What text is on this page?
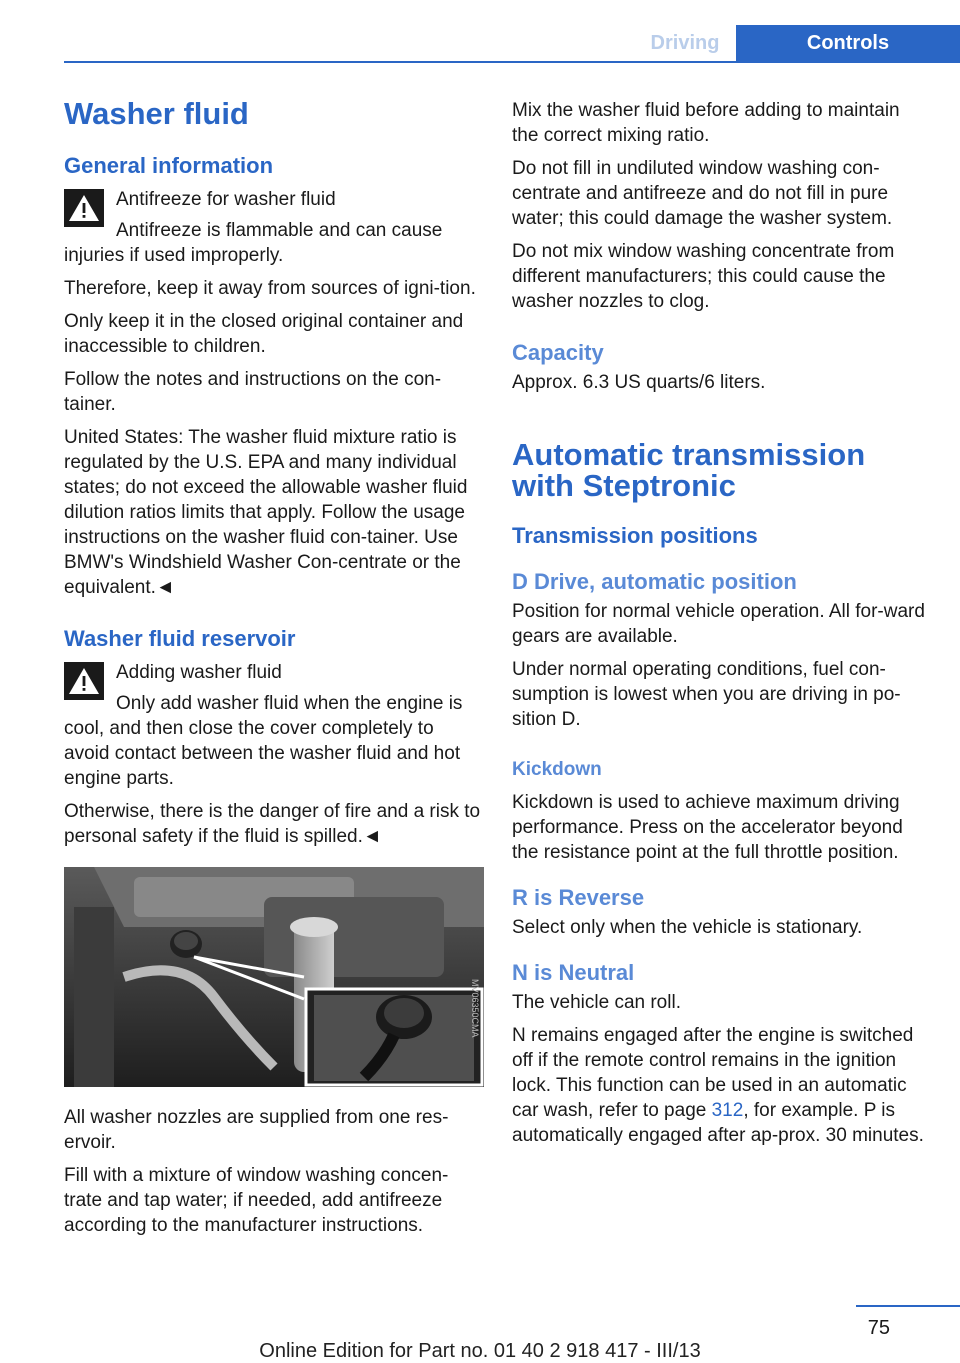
Driving	Controls
Washer fluid
General information

Antifreeze for washer fluid

Antifreeze is flammable and can cause injuries if used improperly.

Therefore, keep it away from sources of igni-tion.

Only keep it in the closed original container and inaccessible to children.

Follow the notes and instructions on the con-tainer.

United States: The washer fluid mixture ratio is regulated by the U.S. EPA and many individual states; do not exceed the allowable washer fluid dilution ratios limits that apply. Follow the usage instructions on the washer fluid con-tainer. Use BMW's Windshield Washer Con-centrate or the equivalent.◄

Washer fluid reservoir

Adding washer fluid

Only add washer fluid when the engine is cool, and then close the cover completely to avoid contact between the washer fluid and hot engine parts.

Otherwise, there is the danger of fire and a risk to personal safety if the fluid is spilled.◄

MV06350CMA

All washer nozzles are supplied from one res-ervoir.

Fill with a mixture of window washing concen-trate and tap water; if needed, add antifreeze according to the manufacturer instructions.

Mix the washer fluid before adding to maintain the correct mixing ratio.

Do not fill in undiluted window washing con-centrate and antifreeze and do not fill in pure water; this could damage the washer system.

Do not mix window washing concentrate from different manufacturers; this could cause the washer nozzles to clog.

Capacity

Approx. 6.3 US quarts/6 liters.

Automatic transmission with Steptronic
Transmission positions
D Drive, automatic position

Position for normal vehicle operation. All for-ward gears are available.

Under normal operating conditions, fuel con-sumption is lowest when you are driving in po-sition D.

Kickdown

Kickdown is used to achieve maximum driving performance. Press on the accelerator beyond the resistance point at the full throttle position.

R is Reverse

Select only when the vehicle is stationary.

N is Neutral

The vehicle can roll.

N remains engaged after the engine is switched off if the remote control remains in the ignition lock. This function can be used in an automatic car wash, refer to page 312, for example. P is automatically engaged after ap-prox. 30 minutes.

75
Online Edition for Part no. 01 40 2 918 417 - III/13
